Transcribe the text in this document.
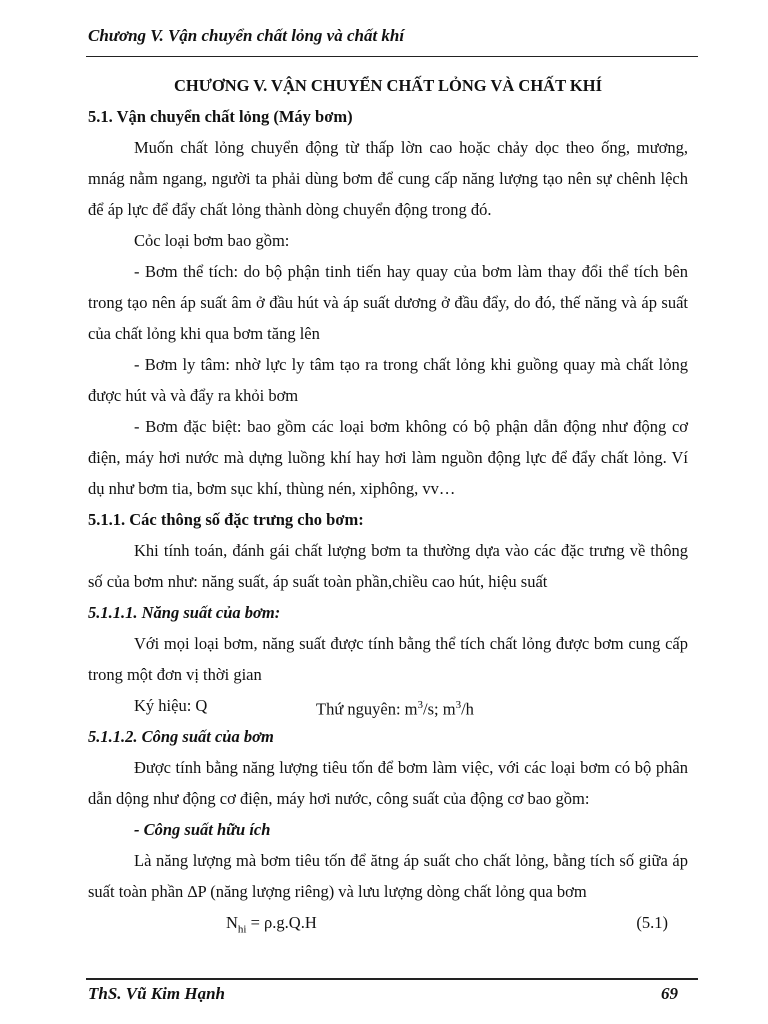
Chương V. Vận chuyển chất lỏng và chất khí

CHƯƠNG V. VẬN CHUYỂN CHẤT LỎNG VÀ CHẤT KHÍ

5.1. Vận chuyển chất lỏng (Máy bơm)

Muốn chất lỏng chuyển động từ thấp lờn cao hoặc chảy dọc theo ống, mương, mnág nằm ngang, người ta phải dùng bơm để cung cấp năng lượng tạo nên sự chênh lệch để áp lực để đẩy chất lỏng thành dòng chuyển động trong đó.

Cỏc loại bơm bao gồm:

- Bơm thể tích: do bộ phận tinh tiến hay quay của bơm làm thay đổi thể tích bên trong tạo nên áp suất âm ở đầu hút và áp suất dương ở đầu đẩy, do đó, thế năng và áp suất của chất lỏng khi qua bơm tăng lên

- Bơm ly tâm: nhờ lực ly tâm tạo ra trong chất lỏng khi guồng quay mà chất lỏng được hút và và đẩy ra khỏi bơm

- Bơm đặc biệt: bao gồm các loại bơm không có bộ phận dẫn động như động cơ điện, máy hơi nước mà dựng luồng khí hay hơi làm nguồn động lực để đẩy chất lỏng. Ví dụ như bơm tia, bơm sục khí, thùng nén, xiphông, vv…

5.1.1. Các thông số đặc trưng cho bơm:

Khi tính toán, đánh gái chất lượng bơm ta thường dựa vào các đặc trưng về thông số của bơm như: năng suất, áp suất toàn phần,chiều cao hút, hiệu suất

5.1.1.1. Năng suất của bơm:

Với mọi loại bơm, năng suất được tính bằng thể tích chất lỏng được bơm cung cấp trong một đơn vị thời gian

Ký hiệu: Q	Thứ nguyên: $m^3/s$; $m^3/h$

5.1.1.2. Công suất của bơm

Được tính bằng năng lượng tiêu tốn để bơm làm việc, với các loại bơm có bộ phân dẫn dộng như động cơ điện, máy hơi nước, công suất của động cơ bao gồm:

- Công suất hữu ích

Là năng lượng mà bơm tiêu tốn để ătng áp suất cho chất lỏng, bằng tích số giữa áp suất toàn phần ∆P (năng lượng riêng) và lưu lượng dòng chất lỏng qua bơm

$N_{hi} = \rho.g.Q.H$	(5.1)
ThS. Vũ Kim Hạnh	69
